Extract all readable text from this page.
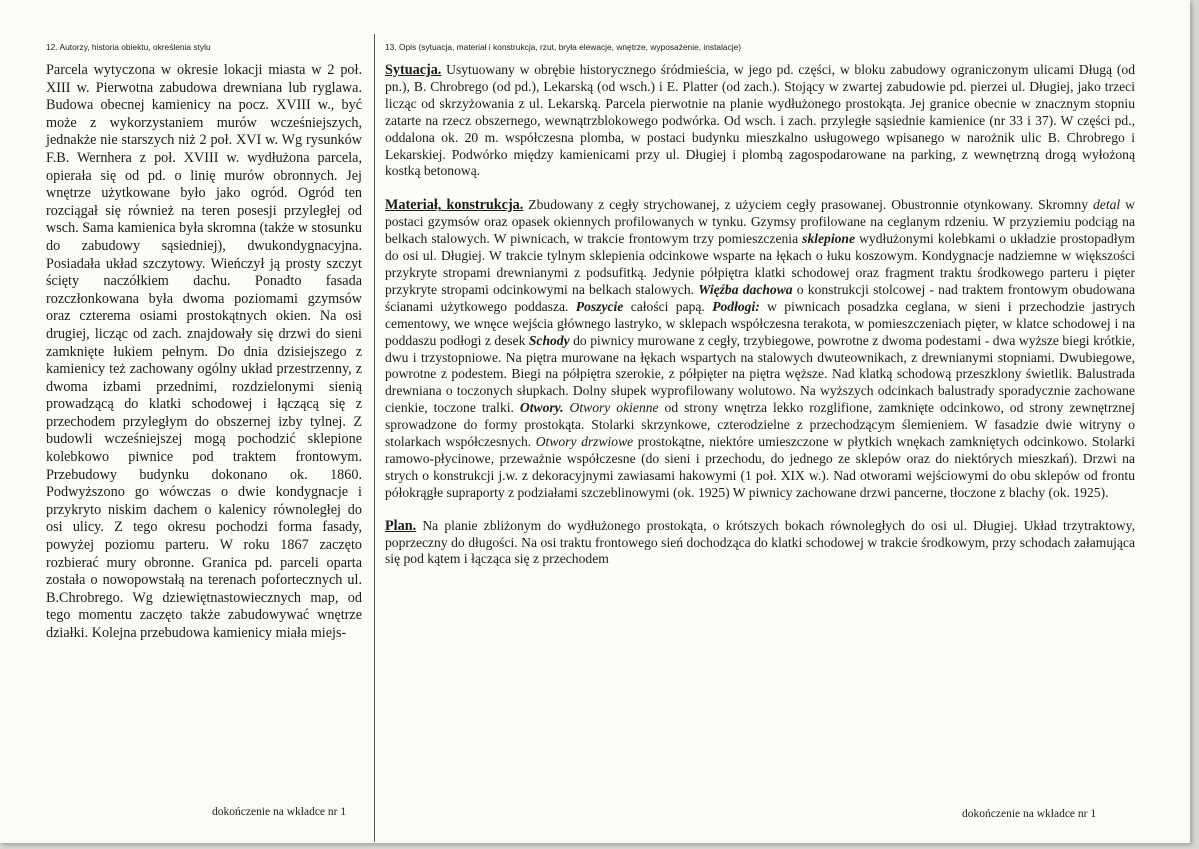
12. Autorzy, historia obiektu, określenia stylu	13. Opis (sytuacja, materiał i konstrukcja, rzut, bryła elewacje, wnętrze, wyposażenie, instalacje)
Parcela wytyczona w okresie lokacji miasta w 2 poł. XIII w. Pierwotna zabudowa drewniana lub ryglawa. Budowa obecnej kamienicy na pocz. XVIII w., być może z wykorzystaniem murów wcześniejszych, jednakże nie starszych niż 2 poł. XVI w. Wg rysunków F.B. Wernhera z poł. XVIII w. wydłużona parcela, opierała się od pd. o linię murów obronnych. Jej wnętrze użytkowane było jako ogród. Ogród ten rozciągał się również na teren posesji przyległej od wsch. Sama kamienica była skromna (także w stosunku do zabudowy sąsiedniej), dwukondygnacyjna. Posiadała układ szczytowy. Wieńczył ją prosty szczyt ścięty naczółkiem dachu. Ponadto fasada rozczłonkowana była dwoma poziomami gzymsów oraz czterema osiami prostokątnych okien. Na osi drugiej, licząc od zach. znajdowały się drzwi do sieni zamknięte łukiem pełnym. Do dnia dzisiejszego z kamienicy też zachowany ogólny układ przestrzenny, z dwoma izbami przednimi, rozdzielonymi sienią prowadzącą do klatki schodowej i łączącą się z przechodem przyległym do obszernej izby tylnej. Z budowli wcześniejszej mogą pochodzić sklepione kolebkowo piwnice pod traktem frontowym. Przebudowy budynku dokonano ok. 1860. Podwyższono go wówczas o dwie kondygnacje i przykryto niskim dachem o kalenicy równoległej do osi ulicy. Z tego okresu pochodzi forma fasady, powyżej poziomu parteru. W roku 1867 zaczęto rozbierać mury obronne. Granica pd. parceli oparta została o nowopowstałą na terenach pofortecznych ul. B.Chrobrego. Wg dziewiętnastowiecznych map, od tego momentu zaczęto także zabudowywać wnętrze działki. Kolejna przebudowa kamienicy miała miejs-

Sytuacja. Usytuowany w obrębie historycznego śródmieścia, w jego pd. części, w bloku zabudowy ograniczonym ulicami Długą (od pn.), B. Chrobrego (od pd.), Lekarską (od wsch.) i E. Platter (od zach.). Stojący w zwartej zabudowie pd. pierzei ul. Długiej, jako trzeci licząc od skrzyżowania z ul. Lekarską. Parcela pierwotnie na planie wydłużonego prostokąta. Jej granice obecnie w znacznym stopniu zatarte na rzecz obszernego, wewnątrzblokowego podwórka. Od wsch. i zach. przyległe sąsiednie kamienice (nr 33 i 37). W części pd., oddalona ok. 20 m. współczesna plomba, w postaci budynku mieszkalno usługowego wpisanego w narożnik ulic B. Chrobrego i Lekarskiej. Podwórko między kamienicami przy ul. Długiej i plombą zagospodarowane na parking, z wewnętrzną drogą wyłożoną kostką betonową.

Materiał, konstrukcja. Zbudowany z cegły strychowanej, z użyciem cegły prasowanej. Obustronnie otynkowany. Skromny detal w postaci gzymsów oraz opasek okiennych profilowanych w tynku. Gzymsy profilowane na ceglanym rdzeniu. W przyziemiu podciąg na belkach stalowych. W piwnicach, w trakcie frontowym trzy pomieszczenia sklepione wydłużonymi kolebkami o układzie prostopadłym do osi ul. Długiej. W trakcie tylnym sklepienia odcinkowe wsparte na łękach o łuku koszowym. Kondygnacje nadziemne w większości przykryte stropami drewnianymi z podsufitką. Jedynie półpiętra klatki schodowej oraz fragment traktu środkowego parteru i pięter przykryte stropami odcinkowymi na belkach stalowych. Więźba dachowa o konstrukcji stolcowej - nad traktem frontowym obudowana ścianami użytkowego poddasza. Poszycie całości papą. Podłogi: w piwnicach posadzka ceglana, w sieni i przechodzie jastrych cementowy, we wnęce wejścia głównego lastryko, w sklepach współczesna terakota, w pomieszczeniach pięter, w klatce schodowej i na poddaszu podłogi z desek Schody do piwnicy murowane z cegły, trzybiegowe, powrotne z dwoma podestami - dwa wyższe biegi krótkie, dwu i trzystopniowe. Na piętra murowane na łękach wspartych na stalowych dwuteownikach, z drewnianymi stopniami. Dwubiegowe, powrotne z podestem. Biegi na półpiętra szerokie, z półpięter na piętra węższe. Nad klatką schodową przeszklony świetlik. Balustrada drewniana o toczonych słupkach. Dolny słupek wyprofilowany wolutowo. Na wyższych odcinkach balustrady sporadycznie zachowane cienkie, toczone tralki. Otwory. Otwory okienne od strony wnętrza lekko rozglifione, zamknięte odcinkowo, od strony zewnętrznej sprowadzone do formy prostokąta. Stolarki skrzynkowe, czterodzielne z przechodzącym ślemieniem. W fasadzie dwie witryny o stolarkach współczesnych. Otwory drzwiowe prostokątne, niektóre umieszczone w płytkich wnękach zamkniętych odcinkowo. Stolarki ramowo-płycinowe, przeważnie współczesne (do sieni i przechodu, do jednego ze sklepów oraz do niektórych mieszkań). Drzwi na strych o konstrukcji j.w. z dekoracyjnymi zawiasami hakowymi (1 poł. XIX w.). Nad otworami wejściowymi do obu sklepów od frontu półokrągłe supraporty z podziałami szczeblinowymi (ok. 1925) W piwnicy zachowane drzwi pancerne, tłoczone z blachy (ok. 1925).

Plan. Na planie zbliżonym do wydłużonego prostokąta, o krótszych bokach równoległych do osi ul. Długiej. Układ trzytraktowy, poprzeczny do długości. Na osi traktu frontowego sień dochodząca do klatki schodowej w trakcie środkowym, przy schodach załamująca się pod kątem i łącząca się z przechodem

dokończenie na wkładce nr 1	dokończenie na wkładce nr 1
